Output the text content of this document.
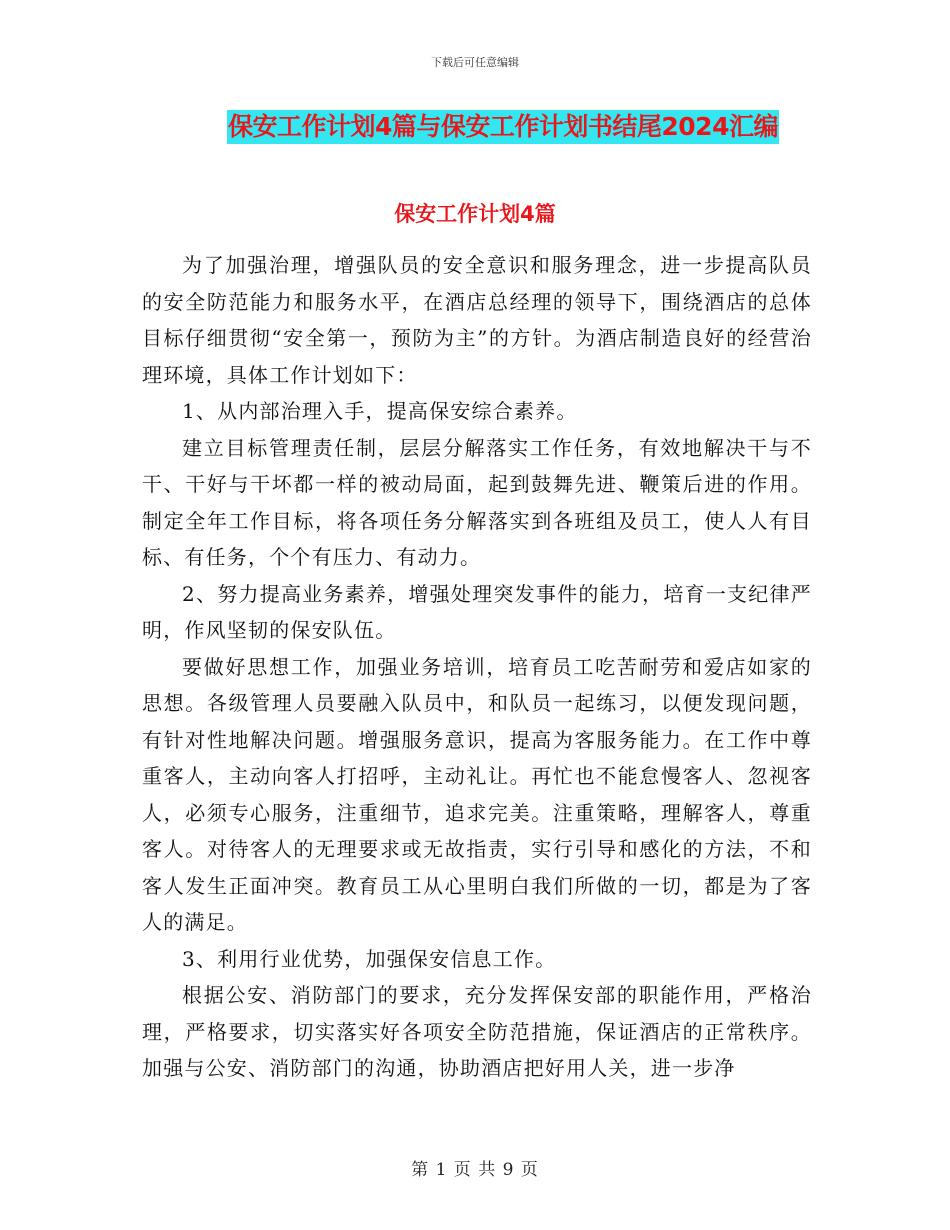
下载后可任意编辑
保安工作计划4篇与保安工作计划书结尾2024汇编
保安工作计划4篇

为了加强治理，增强队员的安全意识和服务理念，进一步提高队员的安全防范能力和服务水平，在酒店总经理的领导下，围绕酒店的总体目标仔细贯彻“安全第一，预防为主”的方针。为酒店制造良好的经营治理环境，具体工作计划如下：

1、从内部治理入手，提高保安综合素养。

建立目标管理责任制，层层分解落实工作任务，有效地解决干与不干、干好与干坏都一样的被动局面，起到鼓舞先进、鞭策后进的作用。制定全年工作目标，将各项任务分解落实到各班组及员工，使人人有目标、有任务，个个有压力、有动力。

2、努力提高业务素养，增强处理突发事件的能力，培育一支纪律严明，作风坚韧的保安队伍。

要做好思想工作，加强业务培训，培育员工吃苦耐劳和爱店如家的思想。各级管理人员要融入队员中，和队员一起练习，以便发现问题，有针对性地解决问题。增强服务意识，提高为客服务能力。在工作中尊重客人，主动向客人打招呼，主动礼让。再忙也不能怠慢客人、忽视客人，必须专心服务，注重细节，追求完美。注重策略，理解客人，尊重客人。对待客人的无理要求或无故指责，实行引导和感化的方法，不和客人发生正面冲突。教育员工从心里明白我们所做的一切，都是为了客人的满足。

3、利用行业优势，加强保安信息工作。

根据公安、消防部门的要求，充分发挥保安部的职能作用，严格治理，严格要求，切实落实好各项安全防范措施，保证酒店的正常秩序。加强与公安、消防部门的沟通，协助酒店把好用人关，进一步净

第 1 页 共 9 页
